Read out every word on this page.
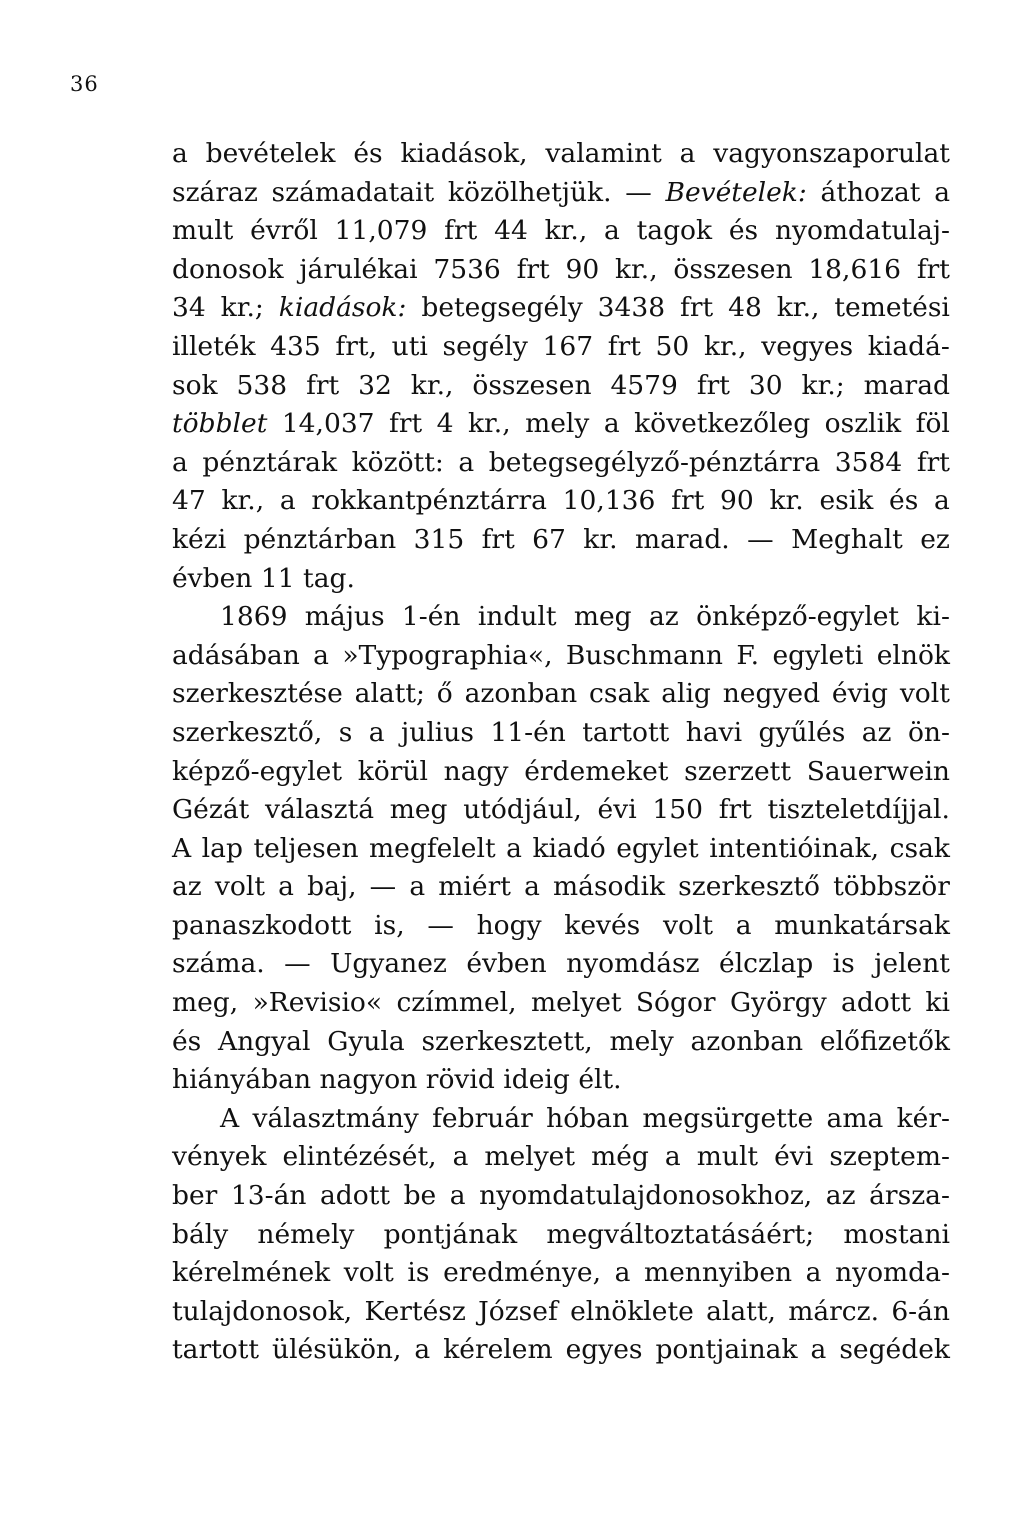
36
a bevételek és kiadások, valamint a vagyonszaporulat
száraz számadatait közölhetjük. — Bevételek: áthozat a
mult évről 11,079 frt 44 kr., a tagok és nyomdatulaj-
donosok járulékai 7536 frt 90 kr., összesen 18,616 frt
34 kr.; kiadások: betegsegély 3438 frt 48 kr., temetési
illeték 435 frt, uti segély 167 frt 50 kr., vegyes kiadá-
sok 538 frt 32 kr., összesen 4579 frt 30 kr.; marad
többlet 14,037 frt 4 kr., mely a következőleg oszlik föl
a pénztárak között: a betegsegélyző-pénztárra 3584 frt
47 kr., a rokkantpénztárra 10,136 frt 90 kr. esik és a
kézi pénztárban 315 frt 67 kr. marad. — Meghalt ez
évben 11 tag.
1869 május 1-én indult meg az önképző-egylet ki-
adásában a »Typographia«, Buschmann F. egyleti elnök
szerkesztése alatt; ő azonban csak alig negyed évig volt
szerkesztő, s a julius 11-én tartott havi gyűlés az ön-
képző-egylet körül nagy érdemeket szerzett Sauerwein
Gézát választá meg utódjául, évi 150 frt tiszteletdíjjal.
A lap teljesen megfelelt a kiadó egylet intentióinak, csak
az volt a baj, — a miért a második szerkesztő többször
panaszkodott is, — hogy kevés volt a munkatársak
száma. — Ugyanez évben nyomdász élczlap is jelent
meg, »Revisio« czímmel, melyet Sógor György adott ki
és Angyal Gyula szerkesztett, mely azonban előfizetők
hiányában nagyon rövid ideig élt.
A választmány február hóban megsürgette ama kér-
vények elintézését, a melyet még a mult évi szeptem-
ber 13-án adott be a nyomdatulajdonosokhoz, az árszа-
bály némely pontjának megváltoztatásáért; mostani
kérelmének volt is eredménye, a mennyiben a nyomda-
tulajdonosok, Kertész József elnöklete alatt, márcz. 6-án
tartott ülésükön, a kérelem egyes pontjainak a segédek
